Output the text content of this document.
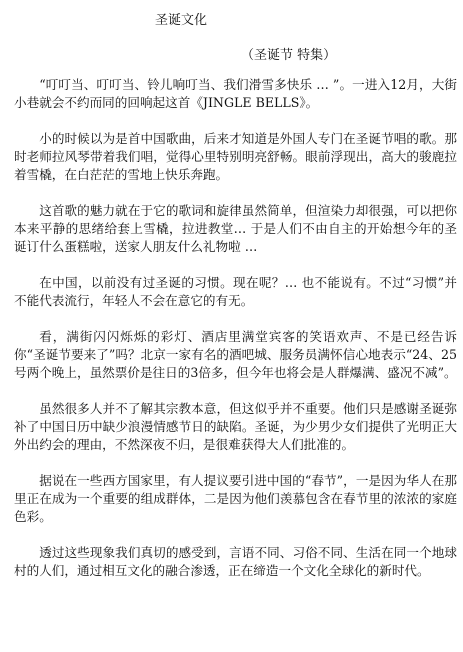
圣诞文化
（圣诞节 特集）

“叮叮当、叮叮当、铃儿响叮当、我们滑雪多快乐 … ”。一进入12月，大街小巷就会不约而同的回响起这首《JINGLE BELLS》。

小的时候以为是首中国歌曲，后来才知道是外国人专门在圣诞节唱的歌。那时老师拉风琴带着我们唱，觉得心里特别明亮舒畅。眼前浮现出，高大的骏鹿拉着雪橇，在白茫茫的雪地上快乐奔跑。

这首歌的魅力就在于它的歌词和旋律虽然简单，但渲染力却很强，可以把你本来平静的思绪给套上雪橇，拉进教堂… 于是人们不由自主的开始想今年的圣诞订什么蛋糕啦，送家人朋友什么礼物啦 …

在中国，以前没有过圣诞的习惯。现在呢？… 也不能说有。不过“习惯”并不能代表流行，年轻人不会在意它的有无。

看，满街闪闪烁烁的彩灯、酒店里满堂宾客的笑语欢声、不是已经告诉你“圣诞节要来了”吗？北京一家有名的酒吧城、服务员满怀信心地表示“24、25号两个晚上，虽然票价是往日的3倍多，但今年也将会是人群爆满、盛况不减”。

虽然很多人并不了解其宗教本意，但这似乎并不重要。他们只是感谢圣诞弥补了中国日历中缺少浪漫情感节日的缺陷。圣诞，为少男少女们提供了光明正大外出约会的理由，不然深夜不归，是很难获得大人们批准的。

据说在一些西方国家里，有人提议要引进中国的“春节”，一是因为华人在那里正在成为一个重要的组成群体，二是因为他们羡慕包含在春节里的浓浓的家庭色彩。

透过这些现象我们真切的感受到，言语不同、习俗不同、生活在同一个地球村的人们，通过相互文化的融合渗透，正在缔造一个文化全球化的新时代。
